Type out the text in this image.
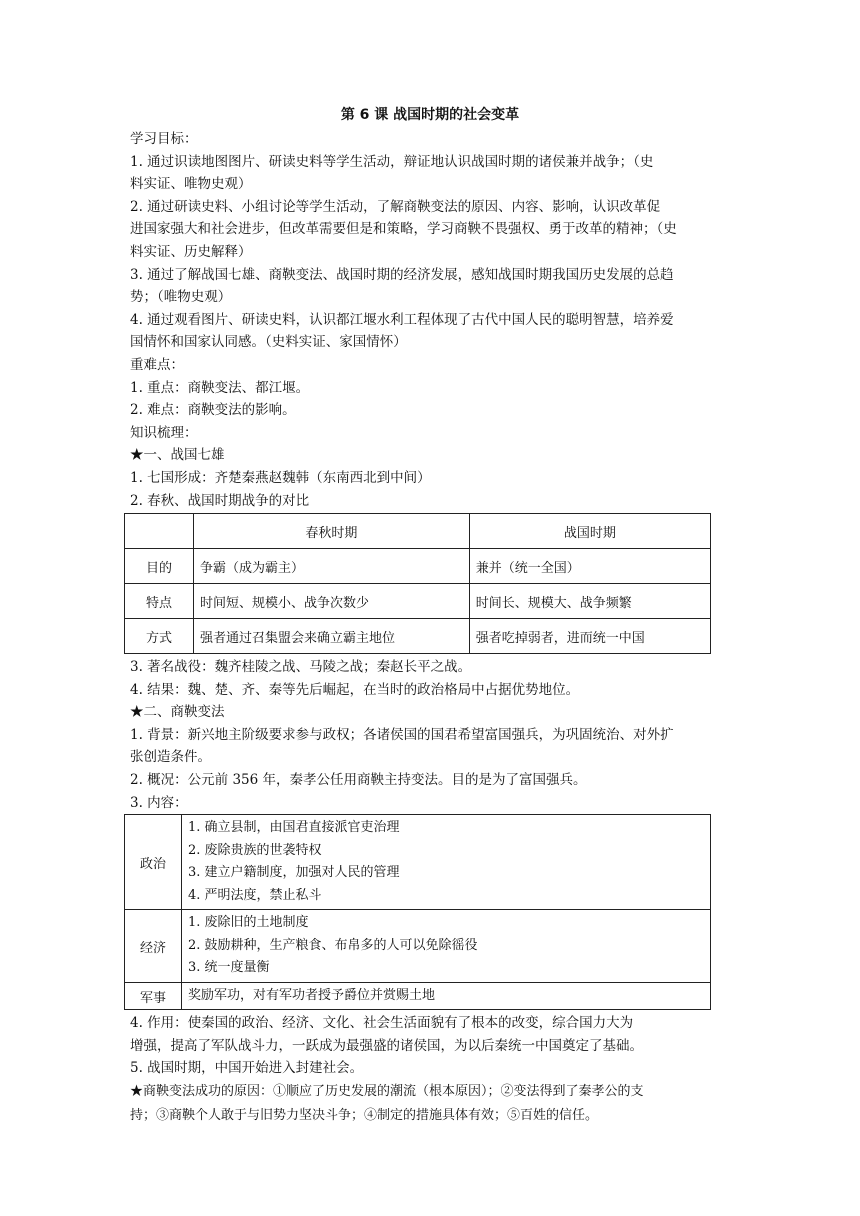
第 6 课 战国时期的社会变革
学习目标：
1. 通过识读地图图片、研读史料等学生活动，辩证地认识战国时期的诸侯兼并战争；（史
料实证、唯物史观）
2. 通过研读史料、小组讨论等学生活动，了解商鞅变法的原因、内容、影响，认识改革促
进国家强大和社会进步，但改革需要但是和策略，学习商鞅不畏强权、勇于改革的精神；（史
料实证、历史解释）
3. 通过了解战国七雄、商鞅变法、战国时期的经济发展，感知战国时期我国历史发展的总趋
势；（唯物史观）
4. 通过观看图片、研读史料，认识都江堰水利工程体现了古代中国人民的聪明智慧，培养爱
国情怀和国家认同感。（史料实证、家国情怀）
重难点：
1. 重点：商鞅变法、都江堰。
2. 难点：商鞅变法的影响。
知识梳理：
★一、战国七雄
1. 七国形成：齐楚秦燕赵魏韩（东南西北到中间）
2. 春秋、战国时期战争的对比
	春秋时期	战国时期
目的	争霸（成为霸主）	兼并（统一全国）
特点	时间短、规模小、战争次数少	时间长、规模大、战争频繁
方式	强者通过召集盟会来确立霸主地位	强者吃掉弱者，进而统一中国
3. 著名战役：魏齐桂陵之战、马陵之战；秦赵长平之战。
4. 结果：魏、楚、齐、秦等先后崛起，在当时的政治格局中占据优势地位。
★二、商鞅变法
1. 背景：新兴地主阶级要求参与政权；各诸侯国的国君希望富国强兵，为巩固统治、对外扩
张创造条件。
2. 概况：公元前 356 年，秦孝公任用商鞅主持变法。目的是为了富国强兵。
3. 内容：
政治	1. 确立县制，由国君直接派官吏治理
2. 废除贵族的世袭特权
3. 建立户籍制度，加强对人民的管理
4. 严明法度，禁止私斗

经济	1. 废除旧的土地制度
2. 鼓励耕种，生产粮食、布帛多的人可以免除徭役
3. 统一度量衡

军事	奖励军功，对有军功者授予爵位并赏赐土地
4. 作用：使秦国的政治、经济、文化、社会生活面貌有了根本的改变，综合国力大为
增强，提高了军队战斗力，一跃成为最强盛的诸侯国，为以后秦统一中国奠定了基础。
5. 战国时期，中国开始进入封建社会。
★商鞅变法成功的原因：①顺应了历史发展的潮流（根本原因）；②变法得到了秦孝公的支
持；③商鞅个人敢于与旧势力坚决斗争；④制定的措施具体有效；⑤百姓的信任。
